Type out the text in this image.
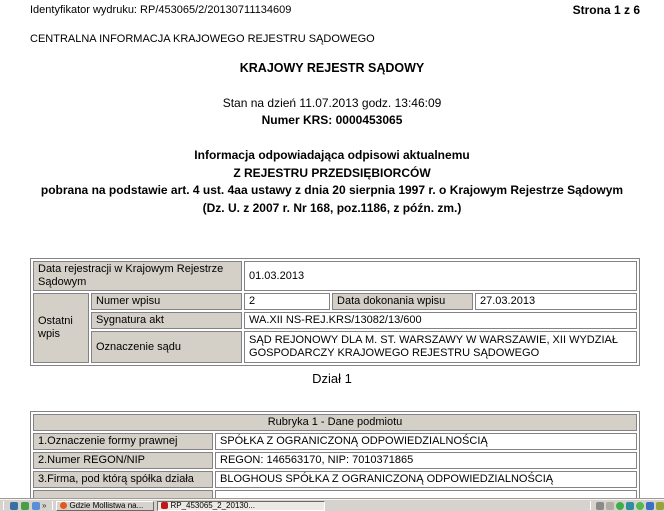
Identyfikator wydruku: RP/453065/2/20130711134609	Strona 1 z 6
CENTRALNA INFORMACJA KRAJOWEGO REJESTRU SĄDOWEGO
KRAJOWY REJESTR SĄDOWY
Stan na dzień 11.07.2013 godz. 13:46:09
Numer KRS: 0000453065
Informacja odpowiadająca odpisowi aktualnemu
Z REJESTRU PRZEDSIĘBIORCÓW
pobrana na podstawie art. 4 ust. 4aa ustawy z dnia 20 sierpnia 1997 r. o Krajowym Rejestrze Sądowym (Dz. U. z 2007 r. Nr 168, poz.1186, z późn. zm.)
Data rejestracji w Krajowym Rejestrze Sądowym		01.03.2013		
Ostatni wpis	Numer wpisu	2	Data dokonania wpisu	27.03.2013
	Sygnatura akt	WA.XII NS-REJ.KRS/13082/13/600		
	Oznaczenie sądu	SĄD REJONOWY DLA M. ST. WARSZAWY W WARSZAWIE, XII WYDZIAŁ GOSPODARCZY KRAJOWEGO REJESTRU SĄDOWEGO		
Dział 1
Rubryka 1 - Dane podmiotu	
1.Oznaczenie formy prawnej	SPÓŁKA Z OGRANICZONĄ ODPOWIEDZIALNOŚCIĄ
2.Numer REGON/NIP	REGON: 146563170, NIP: 7010371865
3.Firma, pod którą spółka działa	BLOGHOUS SPÓŁKA Z OGRANICZONĄ ODPOWIEDZIALNOŚCIĄ

»	Gdzie Mollistwa na...	RP_453065_2_20130...
